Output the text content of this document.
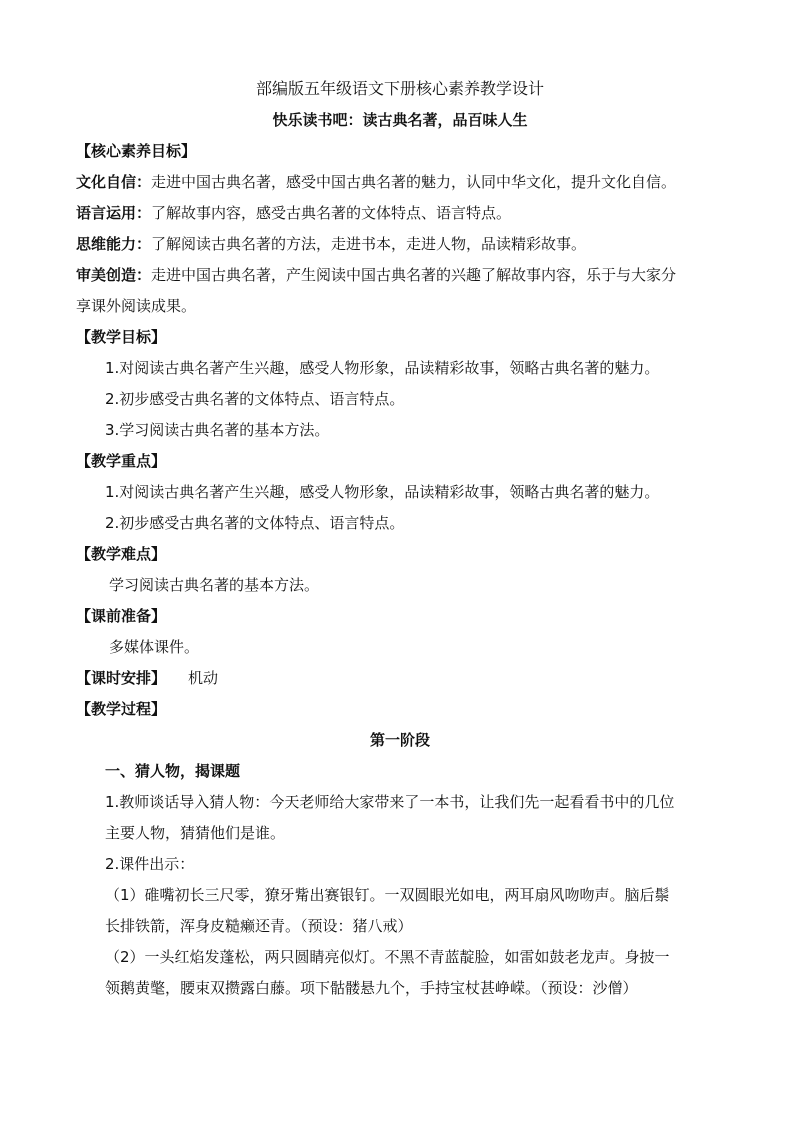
部编版五年级语文下册核心素养教学设计
快乐读书吧：读古典名著，品百味人生
【核心素养目标】
文化自信：走进中国古典名著，感受中国古典名著的魅力，认同中华文化，提升文化自信。
语言运用：了解故事内容，感受古典名著的文体特点、语言特点。
思维能力：了解阅读古典名著的方法，走进书本，走进人物，品读精彩故事。
审美创造：走进中国古典名著，产生阅读中国古典名著的兴趣了解故事内容，乐于与大家分
享课外阅读成果。
【教学目标】
1.对阅读古典名著产生兴趣，感受人物形象，品读精彩故事，领略古典名著的魅力。
2.初步感受古典名著的文体特点、语言特点。
3.学习阅读古典名著的基本方法。
【教学重点】
1.对阅读古典名著产生兴趣，感受人物形象，品读精彩故事，领略古典名著的魅力。
2.初步感受古典名著的文体特点、语言特点。
【教学难点】
学习阅读古典名著的基本方法。
【课前准备】
多媒体课件。
【课时安排】 机动
【教学过程】
第一阶段
一、猜人物，揭课题
1.教师谈话导入猜人物：今天老师给大家带来了一本书，让我们先一起看看书中的几位
主要人物，猜猜他们是谁。
2.课件出示：
（1）碓嘴初长三尺零，獠牙觜出赛银钉。一双圆眼光如电，两耳扇风吻吻声。脑后鬃
长排铁箭，浑身皮糙癞还青。（预设：猪八戒）
（2）一头红焰发蓬松，两只圆睛亮似灯。不黑不青蓝靛脸，如雷如鼓老龙声。身披一
领鹅黄氅，腰束双攒露白藤。项下骷髅悬九个，手持宝杖甚峥嵘。（预设：沙僧）
